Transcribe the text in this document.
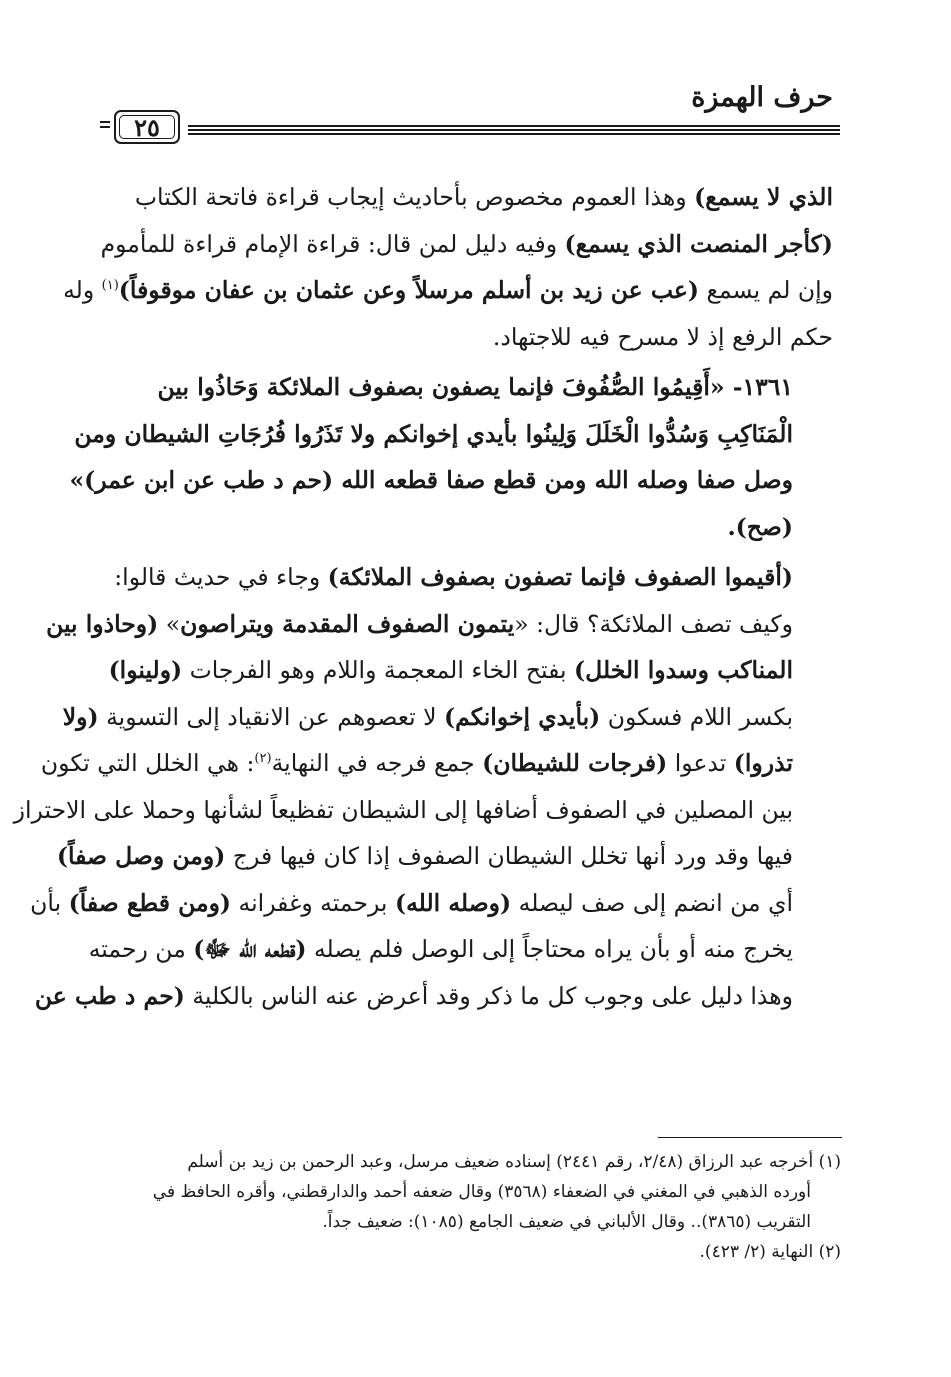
حرف الهمزة
٢٥

الذي لا يسمع) وهذا العموم مخصوص بأحاديث إيجاب قراءة فاتحة الكتاب
(كأجر المنصت الذي يسمع) وفيه دليل لمن قال: قراءة الإمام قراءة للمأموم
وإن لم يسمع (عب عن زيد بن أسلم مرسلاً وعن عثمان بن عفان موقوفاً)$^{(١)}$ وله
حكم الرفع إذ لا مسرح فيه للاجتهاد.

١٣٦١- «أَقِيمُوا الصُّفُوفَ فإنما يصفون بصفوف الملائكة وَحَاذُوا بين
الْمَنَاكِبِ وَسُدُّوا الْخَلَلَ وَلِينُوا بأيدي إخوانكم ولا تَذَرُوا فُرُجَاتِ الشيطان ومن
وصل صفا وصله الله ومن قطع صفا قطعه الله (حم د طب عن ابن عمر)»
(صح).

(أقيموا الصفوف فإنما تصفون بصفوف الملائكة) وجاء في حديث قالوا:
وكيف تصف الملائكة؟ قال: «يتمون الصفوف المقدمة ويتراصون» (وحاذوا بين
المناكب وسدوا الخلل) بفتح الخاء المعجمة واللام وهو الفرجات (ولينوا)
بكسر اللام فسكون (بأيدي إخوانكم) لا تعصوهم عن الانقياد إلى التسوية (ولا
تذروا) تدعوا (فرجات للشيطان) جمع فرجه في النهاية$^{(٢)}$: هي الخلل التي تكون
بين المصلين في الصفوف أضافها إلى الشيطان تفظيعاً لشأنها وحملا على الاحتراز
فيها وقد ورد أنها تخلل الشيطان الصفوف إذا كان فيها فرج (ومن وصل صفاً)
أي من انضم إلى صف ليصله (وصله الله) برحمته وغفرانه (ومن قطع صفاً) بأن
يخرج منه أو بأن يراه محتاجاً إلى الوصل فلم يصله (قطعه الله ﷻ) من رحمته
وهذا دليل على وجوب كل ما ذكر وقد أعرض عنه الناس بالكلية (حم د طب عن

(١) أخرجه عبد الرزاق (٢/٤٨، رقم ٢٤٤١) إسناده ضعيف مرسل، وعبد الرحمن بن زيد بن أسلم
أورده الذهبي في المغني في الضعفاء (٣٥٦٨) وقال ضعفه أحمد والدارقطني، وأقره الحافظ في
التقريب (٣٨٦٥).. وقال الألباني في ضعيف الجامع (١٠٨٥): ضعيف جداً.
(٢) النهاية (٢/ ٤٢٣).
